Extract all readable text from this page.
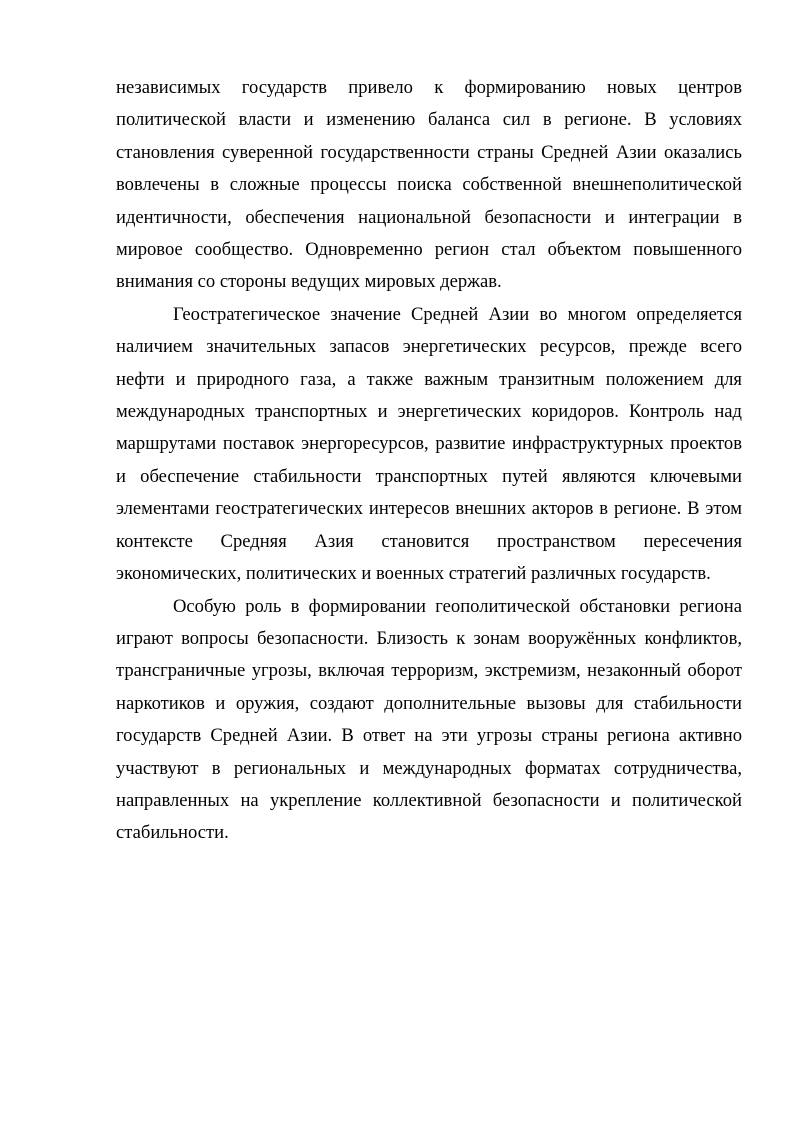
независимых государств привело к формированию новых центров политической власти и изменению баланса сил в регионе. В условиях становления суверенной государственности страны Средней Азии оказались вовлечены в сложные процессы поиска собственной внешнеполитической идентичности, обеспечения национальной безопасности и интеграции в мировое сообщество. Одновременно регион стал объектом повышенного внимания со стороны ведущих мировых держав.

Геостратегическое значение Средней Азии во многом определяется наличием значительных запасов энергетических ресурсов, прежде всего нефти и природного газа, а также важным транзитным положением для международных транспортных и энергетических коридоров. Контроль над маршрутами поставок энергоресурсов, развитие инфраструктурных проектов и обеспечение стабильности транспортных путей являются ключевыми элементами геостратегических интересов внешних акторов в регионе. В этом контексте Средняя Азия становится пространством пересечения экономических, политических и военных стратегий различных государств.

Особую роль в формировании геополитической обстановки региона играют вопросы безопасности. Близость к зонам вооружённых конфликтов, трансграничные угрозы, включая терроризм, экстремизм, незаконный оборот наркотиков и оружия, создают дополнительные вызовы для стабильности государств Средней Азии. В ответ на эти угрозы страны региона активно участвуют в региональных и международных форматах сотрудничества, направленных на укрепление коллективной безопасности и политической стабильности.
